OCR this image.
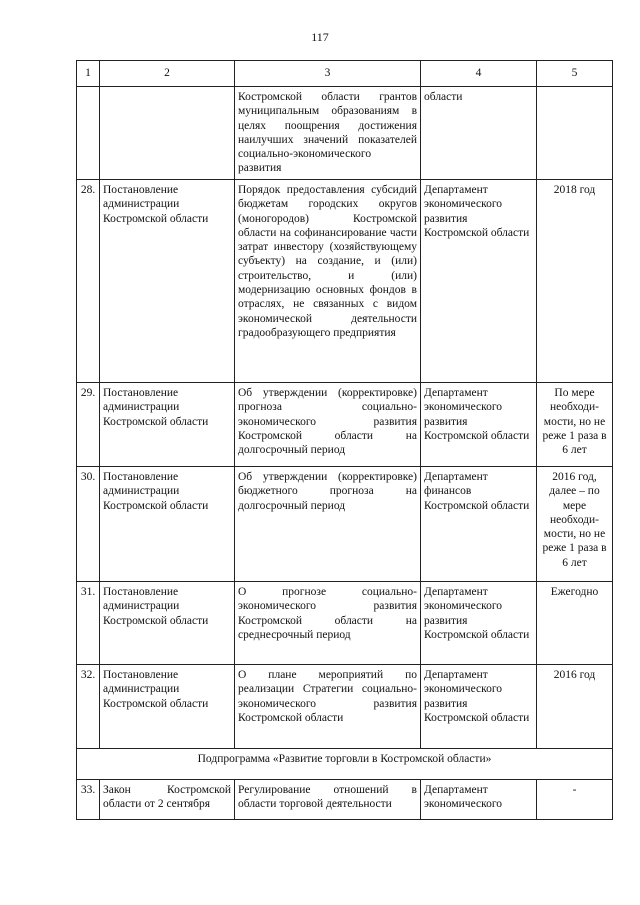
117
1	2	3	4	5
		Костромской области грантов муниципальным образованиям в целях поощрения достижения наилучших значений показателей социально-экономического развития	области	
28.	Постановление администрации Костромской области	Порядок предоставления субсидий бюджетам городских округов (моногородов) Костромской области на софинансирование части затрат инвестору (хозяйствующему субъекту) на создание, и (или) строительство, и (или) модернизацию основных фондов в отраслях, не связанных с видом экономической деятельности градообразующего предприятия	Департамент экономического развития Костромской области	2018 год
29.	Постановление администрации Костромской области	Об утверждении (корректировке) прогноза социально-экономического развития Костромской области на долгосрочный период	Департамент экономического развития Костромской области	По мере необходи-мости, но не реже 1 раза в 6 лет
30.	Постановление администрации Костромской области	Об утверждении (корректировке) бюджетного прогноза на долгосрочный период	Департамент финансов Костромской области	2016 год, далее – по мере необходи-мости, но не реже 1 раза в 6 лет
31.	Постановление администрации Костромской области	О прогнозе социально-экономического развития Костромской области на среднесрочный период	Департамент экономического развития Костромской области	Ежегодно
32.	Постановление администрации Костромской области	О плане мероприятий по реализации Стратегии социально-экономического развития Костромской области	Департамент экономического развития Костромской области	2016 год
Подпрограмма «Развитие торговли в Костромской области»				
33.	Закон Костромской области от 2 сентября	Регулирование отношений в области торговой деятельности	Департамент экономического	-
